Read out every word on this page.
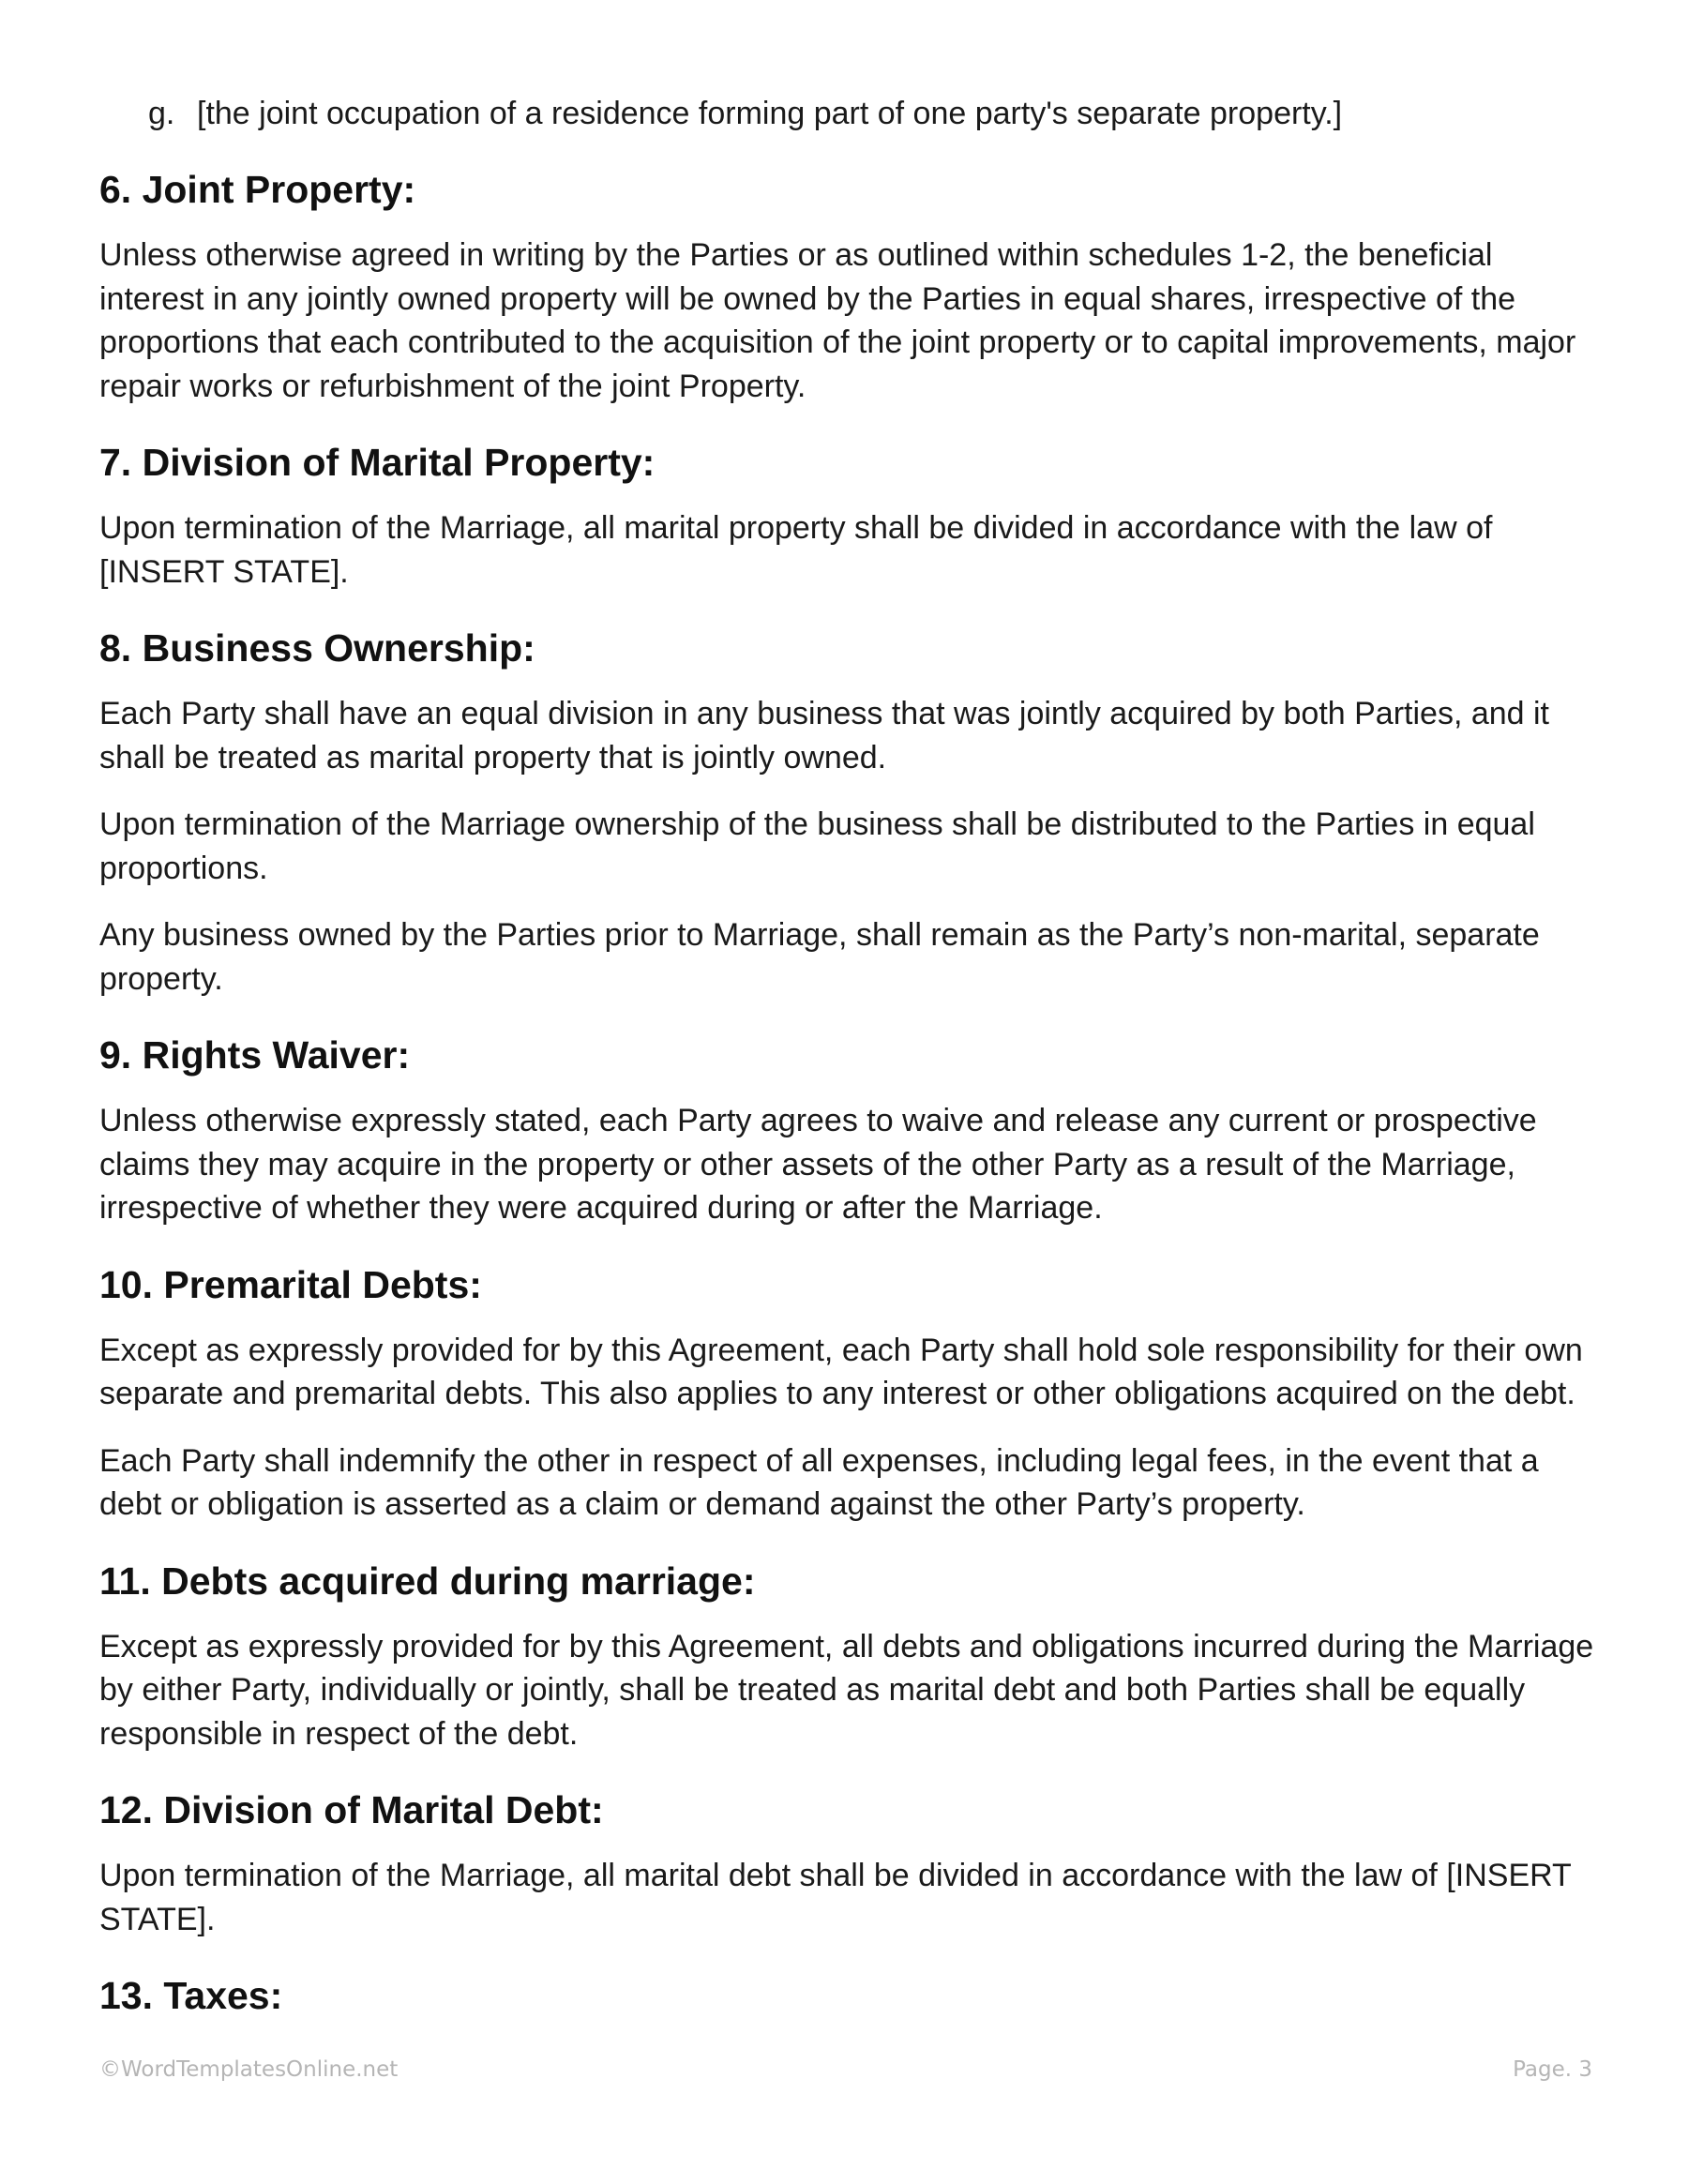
g. [the joint occupation of a residence forming part of one party's separate property.]
6. Joint Property:

Unless otherwise agreed in writing by the Parties or as outlined within schedules 1-2, the beneficial interest in any jointly owned property will be owned by the Parties in equal shares, irrespective of the proportions that each contributed to the acquisition of the joint property or to capital improvements, major repair works or refurbishment of the joint Property.

7. Division of Marital Property:

Upon termination of the Marriage, all marital property shall be divided in accordance with the law of [INSERT STATE].

8. Business Ownership:

Each Party shall have an equal division in any business that was jointly acquired by both Parties, and it shall be treated as marital property that is jointly owned.

Upon termination of the Marriage ownership of the business shall be distributed to the Parties in equal proportions.

Any business owned by the Parties prior to Marriage, shall remain as the Party’s non-marital, separate property.

9. Rights Waiver:

Unless otherwise expressly stated, each Party agrees to waive and release any current or prospective claims they may acquire in the property or other assets of the other Party as a result of the Marriage, irrespective of whether they were acquired during or after the Marriage.

10. Premarital Debts:

Except as expressly provided for by this Agreement, each Party shall hold sole responsibility for their own separate and premarital debts. This also applies to any interest or other obligations acquired on the debt.

Each Party shall indemnify the other in respect of all expenses, including legal fees, in the event that a debt or obligation is asserted as a claim or demand against the other Party’s property.

11. Debts acquired during marriage:

Except as expressly provided for by this Agreement, all debts and obligations incurred during the Marriage by either Party, individually or jointly, shall be treated as marital debt and both Parties shall be equally responsible in respect of the debt.

12. Division of Marital Debt:

Upon termination of the Marriage, all marital debt shall be divided in accordance with the law of [INSERT STATE].

13. Taxes:
©WordTemplatesOnline.net	Page. 3
